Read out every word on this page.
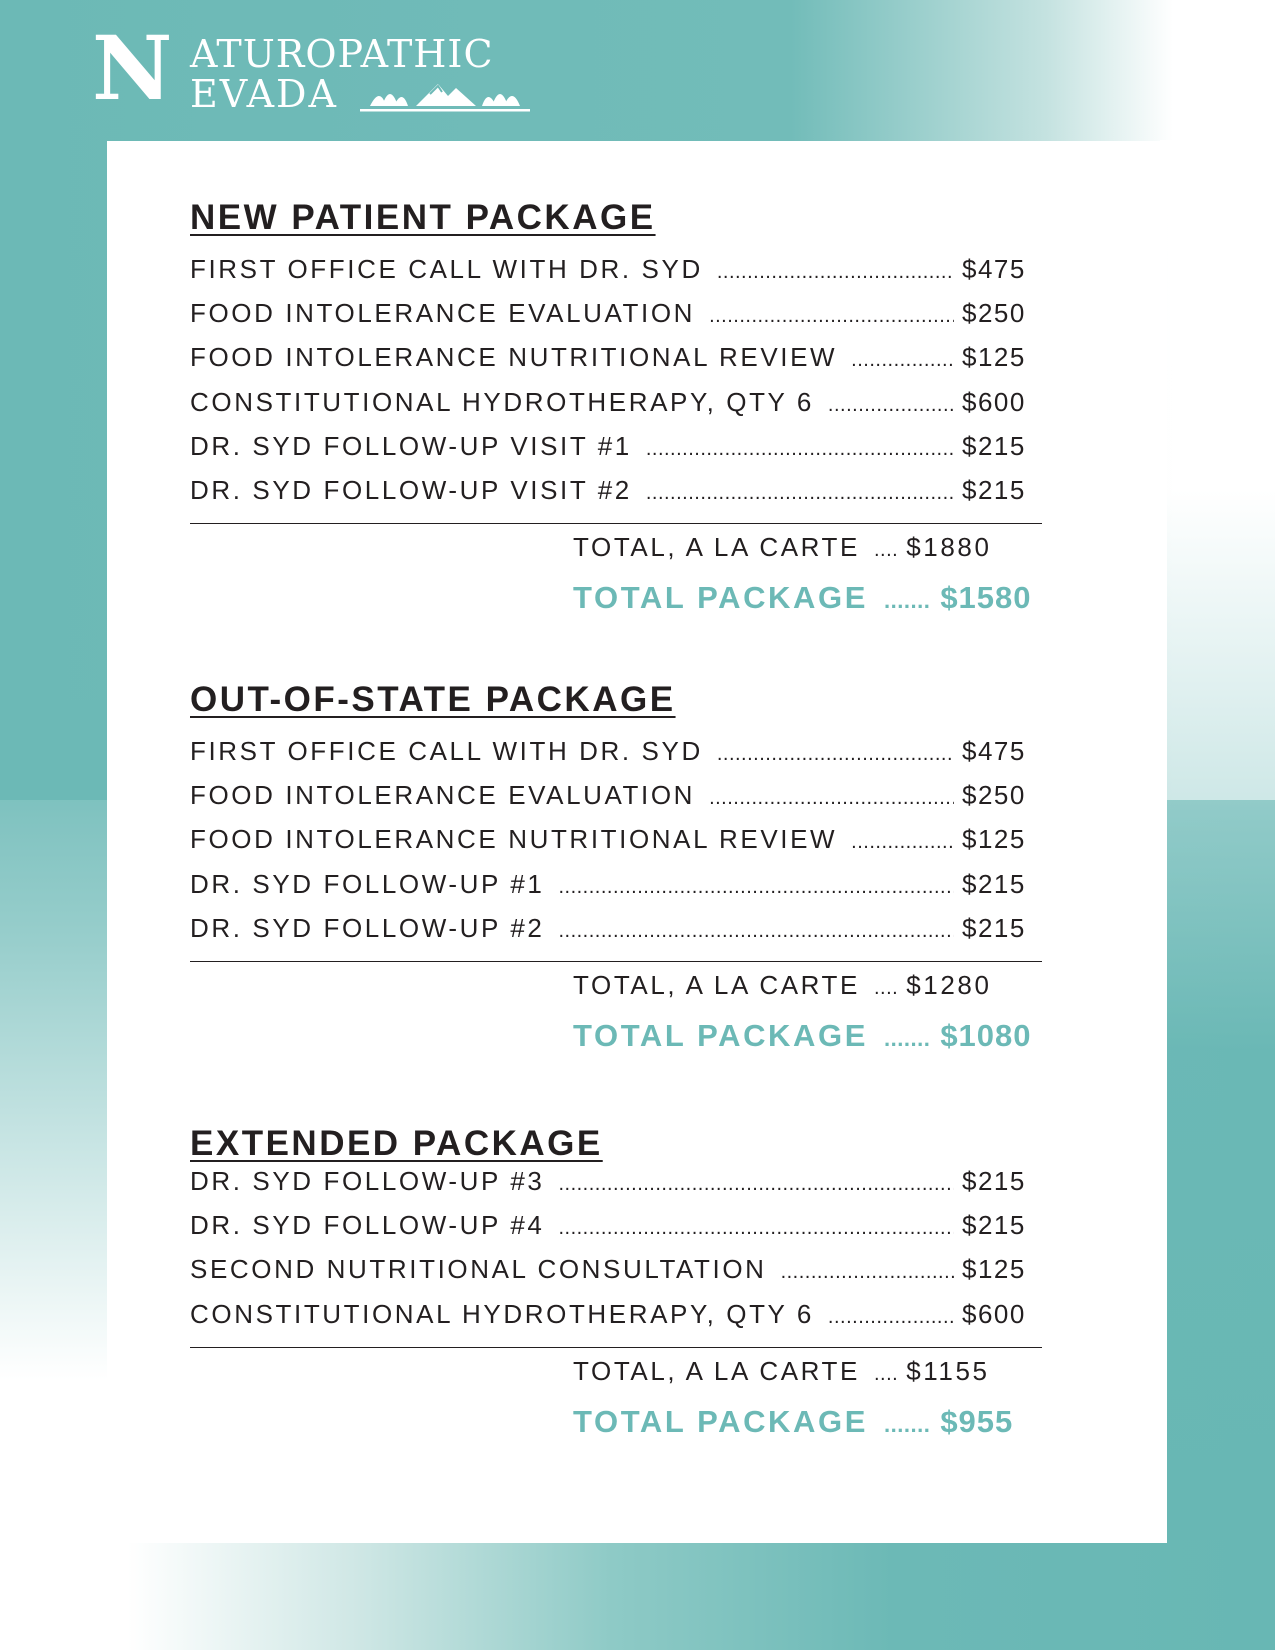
N ATUROPATHIC
EVADA
NEW PATIENT PACKAGE
FIRST OFFICE CALL WITH DR. SYD .....	$475
FOOD INTOLERANCE EVALUATION .....	$250
FOOD INTOLERANCE NUTRITIONAL REVIEW .....	$125
CONSTITUTIONAL HYDROTHERAPY, QTY 6 .....	$600
DR. SYD FOLLOW-UP VISIT #1 .....	$215
DR. SYD FOLLOW-UP VISIT #2 .....	$215
TOTAL, A LA CARTE .... $1880
TOTAL PACKAGE ....... $1580
OUT-OF-STATE PACKAGE
FIRST OFFICE CALL WITH DR. SYD .....	$475
FOOD INTOLERANCE EVALUATION .....	$250
FOOD INTOLERANCE NUTRITIONAL REVIEW .....	$125
DR. SYD FOLLOW-UP #1 .....	$215
DR. SYD FOLLOW-UP #2 .....	$215
TOTAL, A LA CARTE .... $1280
TOTAL PACKAGE ....... $1080
EXTENDED PACKAGE
DR. SYD FOLLOW-UP #3 .....	$215
DR. SYD FOLLOW-UP #4 .....	$215
SECOND NUTRITIONAL CONSULTATION .....	$125
CONSTITUTIONAL HYDROTHERAPY, QTY 6 .....	$600
TOTAL, A LA CARTE .... $1155
TOTAL PACKAGE ....... $955
